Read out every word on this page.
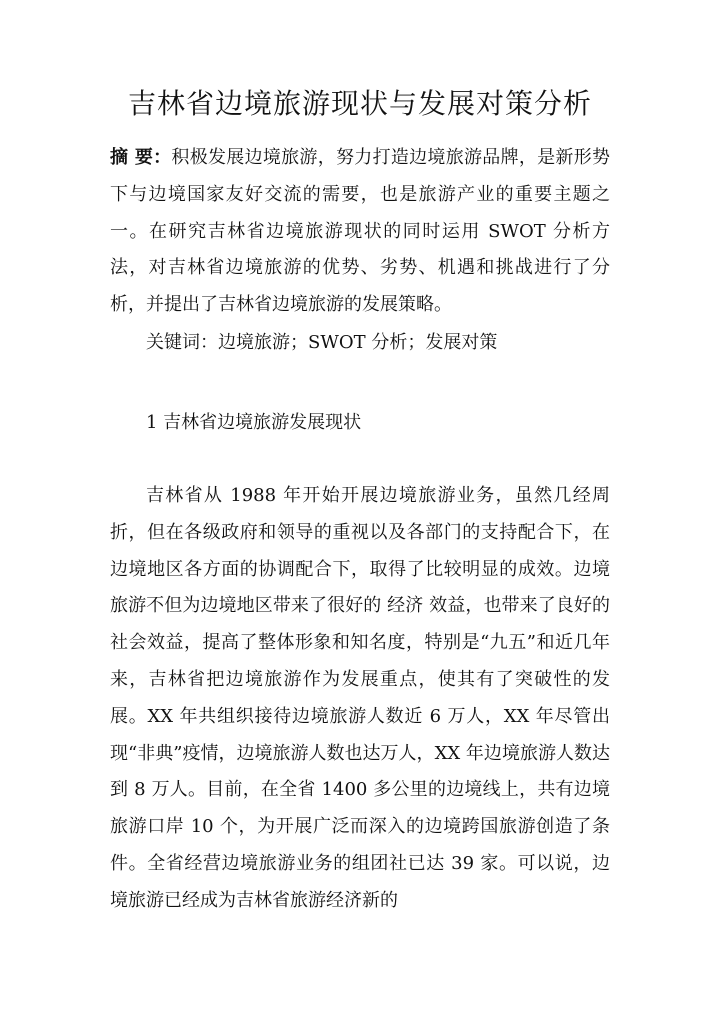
吉林省边境旅游现状与发展对策分析

摘 要：积极发展边境旅游，努力打造边境旅游品牌，是新形势下与边境国家友好交流的需要，也是旅游产业的重要主题之一。在研究吉林省边境旅游现状的同时运用 SWOT 分析方法，对吉林省边境旅游的优势、劣势、机遇和挑战进行了分析，并提出了吉林省边境旅游的发展策略。

关键词：边境旅游；SWOT 分析；发展对策

1 吉林省边境旅游发展现状

吉林省从 1988 年开始开展边境旅游业务，虽然几经周折，但在各级政府和领导的重视以及各部门的支持配合下，在边境地区各方面的协调配合下，取得了比较明显的成效。边境旅游不但为边境地区带来了很好的 经济 效益，也带来了良好的社会效益，提高了整体形象和知名度，特别是“九五”和近几年来，吉林省把边境旅游作为发展重点，使其有了突破性的发展。XX 年共组织接待边境旅游人数近 6 万人，XX 年尽管出现“非典”疫情，边境旅游人数也达万人，XX 年边境旅游人数达到 8 万人。目前，在全省 1400 多公里的边境线上，共有边境旅游口岸 10 个，为开展广泛而深入的边境跨国旅游创造了条件。全省经营边境旅游业务的组团社已达 39 家。可以说，边境旅游已经成为吉林省旅游经济新的
